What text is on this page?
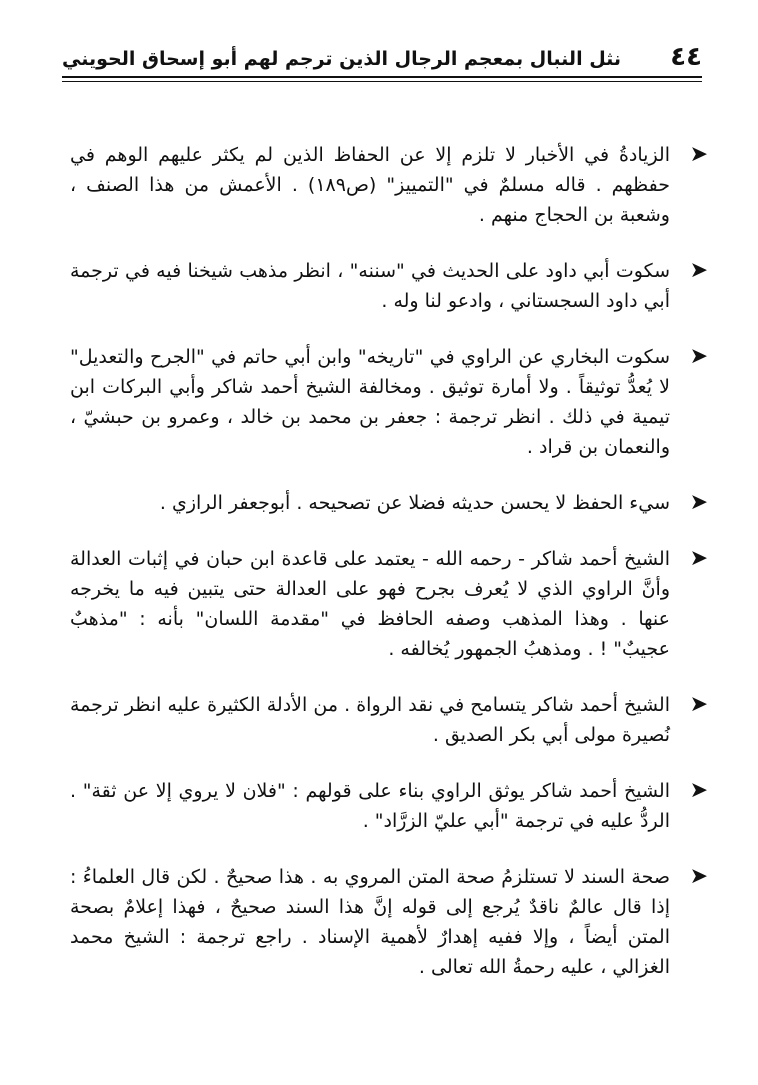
٤٤
نثل النبال بمعجم الرجال الذين ترجم لهم أبو إسحاق الحويني
➤
الزيادةُ في الأخبار لا تلزم إلا عن الحفاظ الذين لم يكثر عليهم الوهم في حفظهم . قاله مسلمٌ في "التمييز" (ص١٨٩) . الأعمش من هذا الصنف ، وشعبة بن الحجاج منهم .
➤
سكوت أبي داود على الحديث في "سننه" ، انظر مذهب شيخنا فيه في ترجمة أبي داود السجستاني ، وادعو لنا وله .
➤
سكوت البخاري عن الراوي في "تاريخه" وابن أبي حاتم في "الجرح والتعديل" لا يُعدُّ توثيقاً . ولا أمارة توثيق . ومخالفة الشيخ أحمد شاكر وأبي البركات ابن تيمية في ذلك . انظر ترجمة : جعفر بن محمد بن خالد ، وعمرو بن حبشيّ ، والنعمان بن قراد .
➤
سيء الحفظ لا يحسن حديثه فضلا عن تصحيحه . أبوجعفر الرازي .
➤
الشيخ أحمد شاكر - رحمه الله - يعتمد على قاعدة ابن حبان في إثبات العدالة وأنَّ الراوي الذي لا يُعرف بجرح فهو على العدالة حتى يتبين فيه ما يخرجه عنها . وهذا المذهب وصفه الحافظ في "مقدمة اللسان" بأنه : "مذهبٌ عجيبٌ" ! . ومذهبُ الجمهور يُخالفه .
➤
الشيخ أحمد شاكر يتسامح في نقد الرواة . من الأدلة الكثيرة عليه انظر ترجمة نُصيرة مولى أبي بكر الصديق .
➤
الشيخ أحمد شاكر يوثق الراوي بناء على قولهم : "فلان لا يروي إلا عن ثقة" . الردُّ عليه في ترجمة "أبي عليّ الزرَّاد" .
➤
صحة السند لا تستلزمُ صحة المتن المروي به . هذا صحيحٌ . لكن قال العلماءُ : إذا قال عالمٌ ناقدٌ يُرجع إلى قوله إنَّ هذا السند صحيحٌ ، فهذا إعلامٌ بصحة المتن أيضاً ، وإلا ففيه إهدارٌ لأهمية الإسناد . راجع ترجمة : الشيخ محمد الغزالي ، عليه رحمةُ الله تعالى .
